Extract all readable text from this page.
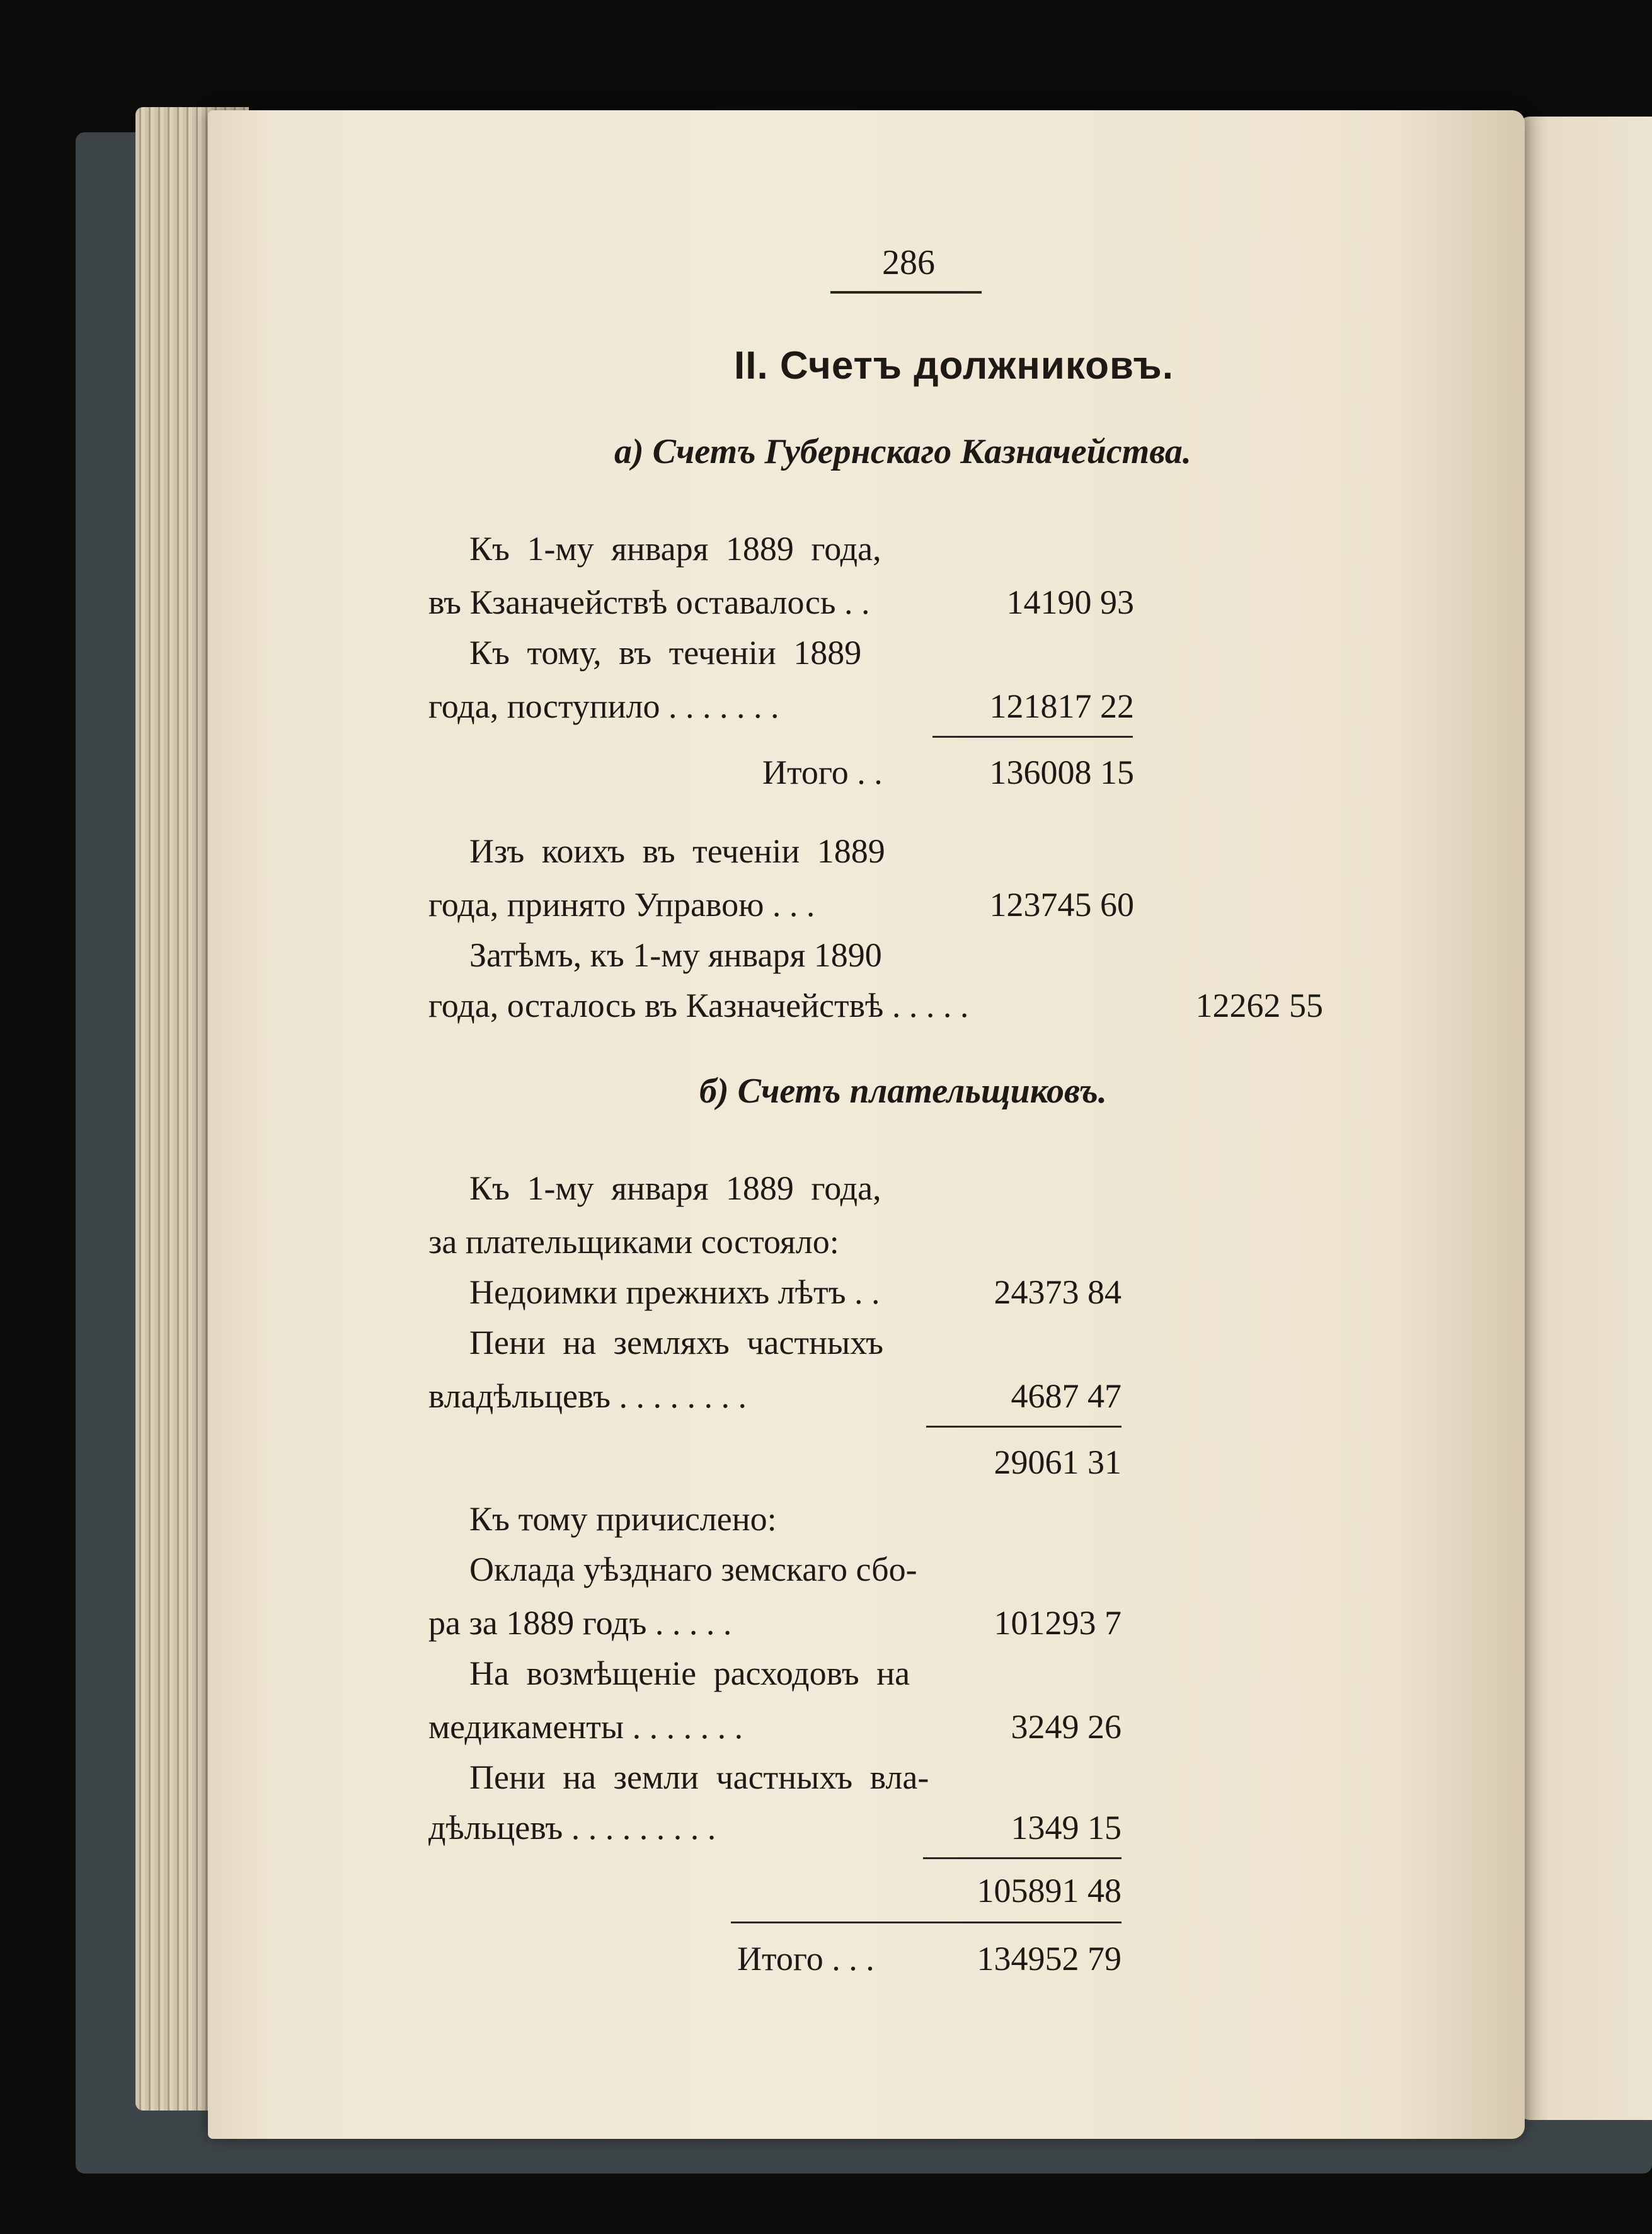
286
II. Счетъ должниковъ.
а) Счетъ Губернскаго Казначейства.
Къ 1-му января 1889 года,
въ Кзаначействѣ оставалось . .	14190 93
Къ тому, въ теченіи 1889
года, поступило . . . . . . .	121817 22
Итого . .	136008 15
Изъ коихъ въ теченіи 1889
года, принято Управою . . .	123745 60
Затѣмъ, къ 1-му января 1890
года, осталось въ Казначействѣ . . . . .	12262 55
б) Счетъ плательщиковъ.
Къ 1-му января 1889 года,
за плательщиками состояло:
Недоимки прежнихъ лѣтъ . .	24373 84
Пени на земляхъ частныхъ
владѣльцевъ . . . . . . . .	4687 47
29061 31
Къ тому причислено:
Оклада уѣзднаго земскаго сбо-
ра за 1889 годъ . . . . .	101293 7
На возмѣщеніе расходовъ на
медикаменты . . . . . . .	3249 26
Пени на земли частныхъ вла-
дѣльцевъ . . . . . . . . .	1349 15
105891 48
Итого . . .	134952 79
